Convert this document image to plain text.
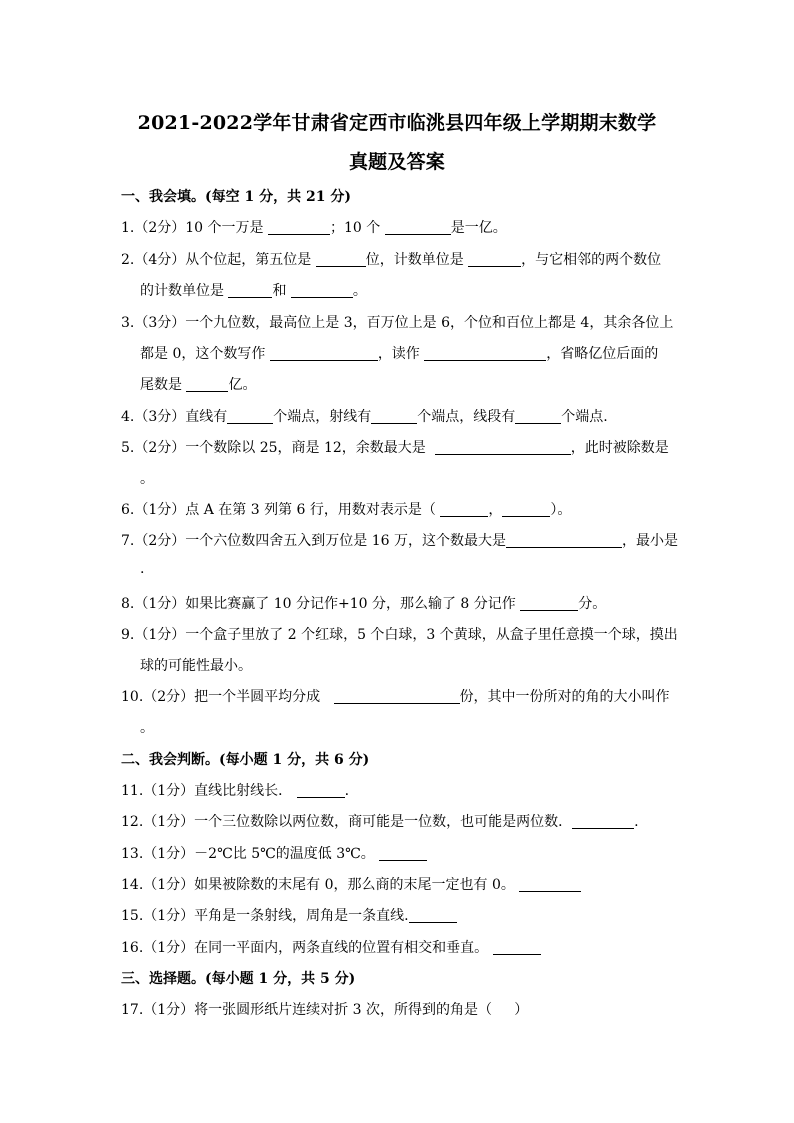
2021-2022学年甘肃省定西市临洮县四年级上学期期末数学
真题及答案
一、我会填。(每空 1 分，共 21 分)
1.（2分）10 个一万是	；10 个	是一亿。
2.（4分）从个位起，第五位是	位，计数单位是	，与它相邻的两个数位
的计数单位是	和	。
3.（3分）一个九位数，最高位上是 3，百万位上是 6，个位和百位上都是 4，其余各位上
都是 0，这个数写作	，读作	，省略亿位后面的
尾数是	亿。
4.（3分）直线有	个端点，射线有	个端点，线段有	个端点.
5.（2分）一个数除以 25，商是 12，余数最大是	，此时被除数是
。
6.（1分）点 A 在第 3 列第 6 行，用数对表示是（	，	）。
7.（2分）一个六位数四舍五入到万位是 16 万，这个数最大是	，最小是
.
8.（1分）如果比赛赢了 10 分记作+10 分，那么输了 8 分记作	分。
9.（1分）一个盒子里放了 2 个红球，5 个白球，3 个黄球，从盒子里任意摸一个球，摸出
球的可能性最小。
10.（2分）把一个半圆平均分成	份，其中一份所对的角的大小叫作
。
二、我会判断。(每小题 1 分，共 6 分)
11.（1分）直线比射线长．	.
12.（1分）一个三位数除以两位数，商可能是一位数，也可能是两位数．	.
13.（1分）－2℃比 5℃的温度低 3℃。
14.（1分）如果被除数的末尾有 0，那么商的末尾一定也有 0。
15.（1分）平角是一条射线，周角是一条直线.
16.（1分）在同一平面内，两条直线的位置有相交和垂直。
三、选择题。(每小题 1 分，共 5 分)
17.（1分）将一张圆形纸片连续对折 3 次，所得到的角是（     ）
